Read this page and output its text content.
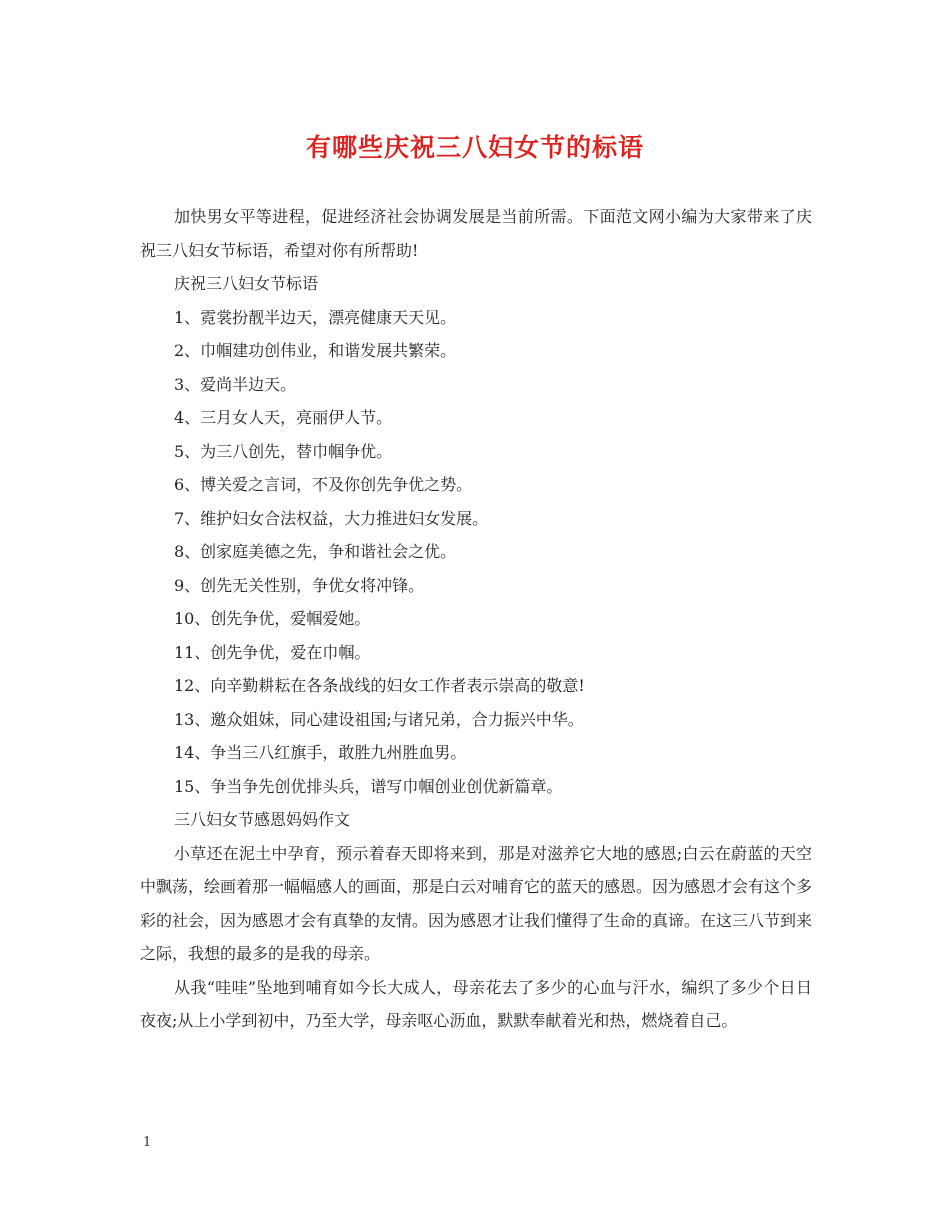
有哪些庆祝三八妇女节的标语

加快男女平等进程，促进经济社会协调发展是当前所需。下面范文网小编为大家带来了庆祝三八妇女节标语，希望对你有所帮助!

庆祝三八妇女节标语

1、霓裳扮靓半边天，漂亮健康天天见。

2、巾帼建功创伟业，和谐发展共繁荣。

3、爱尚半边天。

4、三月女人天，亮丽伊人节。

5、为三八创先，替巾帼争优。

6、博关爱之言词，不及你创先争优之势。

7、维护妇女合法权益，大力推进妇女发展。

8、创家庭美德之先，争和谐社会之优。

9、创先无关性别，争优女将冲锋。

10、创先争优，爱帼爱她。

11、创先争优，爱在巾帼。

12、向辛勤耕耘在各条战线的妇女工作者表示崇高的敬意!

13、邀众姐妹，同心建设祖国;与诸兄弟，合力振兴中华。

14、争当三八红旗手，敢胜九州胜血男。

15、争当争先创优排头兵，谱写巾帼创业创优新篇章。

三八妇女节感恩妈妈作文

小草还在泥土中孕育，预示着春天即将来到，那是对滋养它大地的感恩;白云在蔚蓝的天空中飘荡，绘画着那一幅幅感人的画面，那是白云对哺育它的蓝天的感恩。因为感恩才会有这个多彩的社会，因为感恩才会有真挚的友情。因为感恩才让我们懂得了生命的真谛。在这三八节到来之际，我想的最多的是我的母亲。

从我“哇哇”坠地到哺育如今长大成人，母亲花去了多少的心血与汗水，编织了多少个日日夜夜;从上小学到初中，乃至大学，母亲呕心沥血，默默奉献着光和热，燃烧着自己。

1
